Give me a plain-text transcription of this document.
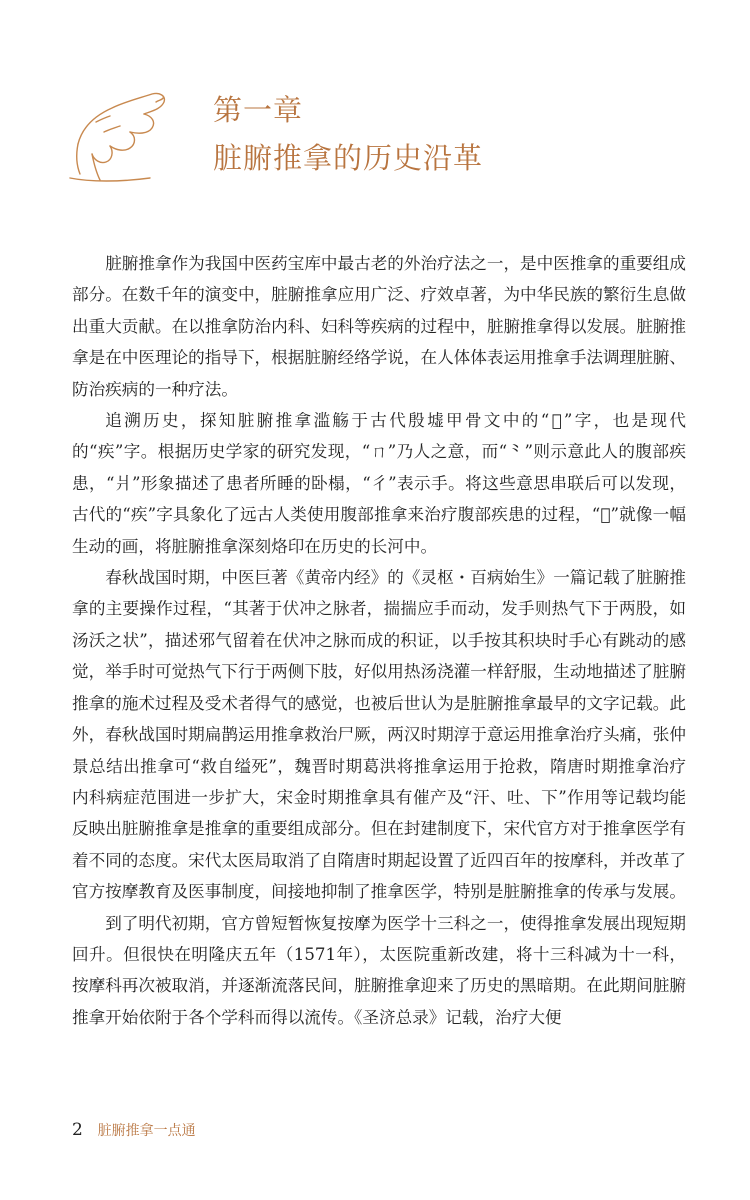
第一章
脏腑推拿的历史沿革

脏腑推拿作为我国中医药宝库中最古老的外治疗法之一，是中医推拿的重要组成部分。在数千年的演变中，脏腑推拿应用广泛、疗效卓著，为中华民族的繁衍生息做出重大贡献。在以推拿防治内科、妇科等疾病的过程中，脏腑推拿得以发展。脏腑推拿是在中医理论的指导下，根据脏腑经络学说，在人体体表运用推拿手法调理脏腑、防治疾病的一种疗法。

追溯历史，探知脏腑推拿滥觞于古代殷墟甲骨文中的“𤕫”字，也是现代的“疾”字。根据历史学家的研究发现，“ㄇ”乃人之意，而“⺀”则示意此人的腹部疾患，“爿”形象描述了患者所睡的卧榻，“彳”表示手。将这些意思串联后可以发现，古代的“疾”字具象化了远古人类使用腹部推拿来治疗腹部疾患的过程，“𤕫”就像一幅生动的画，将脏腑推拿深刻烙印在历史的长河中。

春秋战国时期，中医巨著《黄帝内经》的《灵枢・百病始生》一篇记载了脏腑推拿的主要操作过程，“其著于伏冲之脉者，揣揣应手而动，发手则热气下于两股，如汤沃之状”，描述邪气留着在伏冲之脉而成的积证，以手按其积块时手心有跳动的感觉，举手时可觉热气下行于两侧下肢，好似用热汤浇灌一样舒服，生动地描述了脏腑推拿的施术过程及受术者得气的感觉，也被后世认为是脏腑推拿最早的文字记载。此外，春秋战国时期扁鹊运用推拿救治尸厥，两汉时期淳于意运用推拿治疗头痛，张仲景总结出推拿可“救自缢死”，魏晋时期葛洪将推拿运用于抢救，隋唐时期推拿治疗内科病症范围进一步扩大，宋金时期推拿具有催产及“汗、吐、下”作用等记载均能反映出脏腑推拿是推拿的重要组成部分。但在封建制度下，宋代官方对于推拿医学有着不同的态度。宋代太医局取消了自隋唐时期起设置了近四百年的按摩科，并改革了官方按摩教育及医事制度，间接地抑制了推拿医学，特别是脏腑推拿的传承与发展。

到了明代初期，官方曾短暂恢复按摩为医学十三科之一，使得推拿发展出现短期回升。但很快在明隆庆五年（1571年），太医院重新改建，将十三科减为十一科，按摩科再次被取消，并逐渐流落民间，脏腑推拿迎来了历史的黑暗期。在此期间脏腑推拿开始依附于各个学科而得以流传。《圣济总录》记载，治疗大便

2 脏腑推拿一点通
